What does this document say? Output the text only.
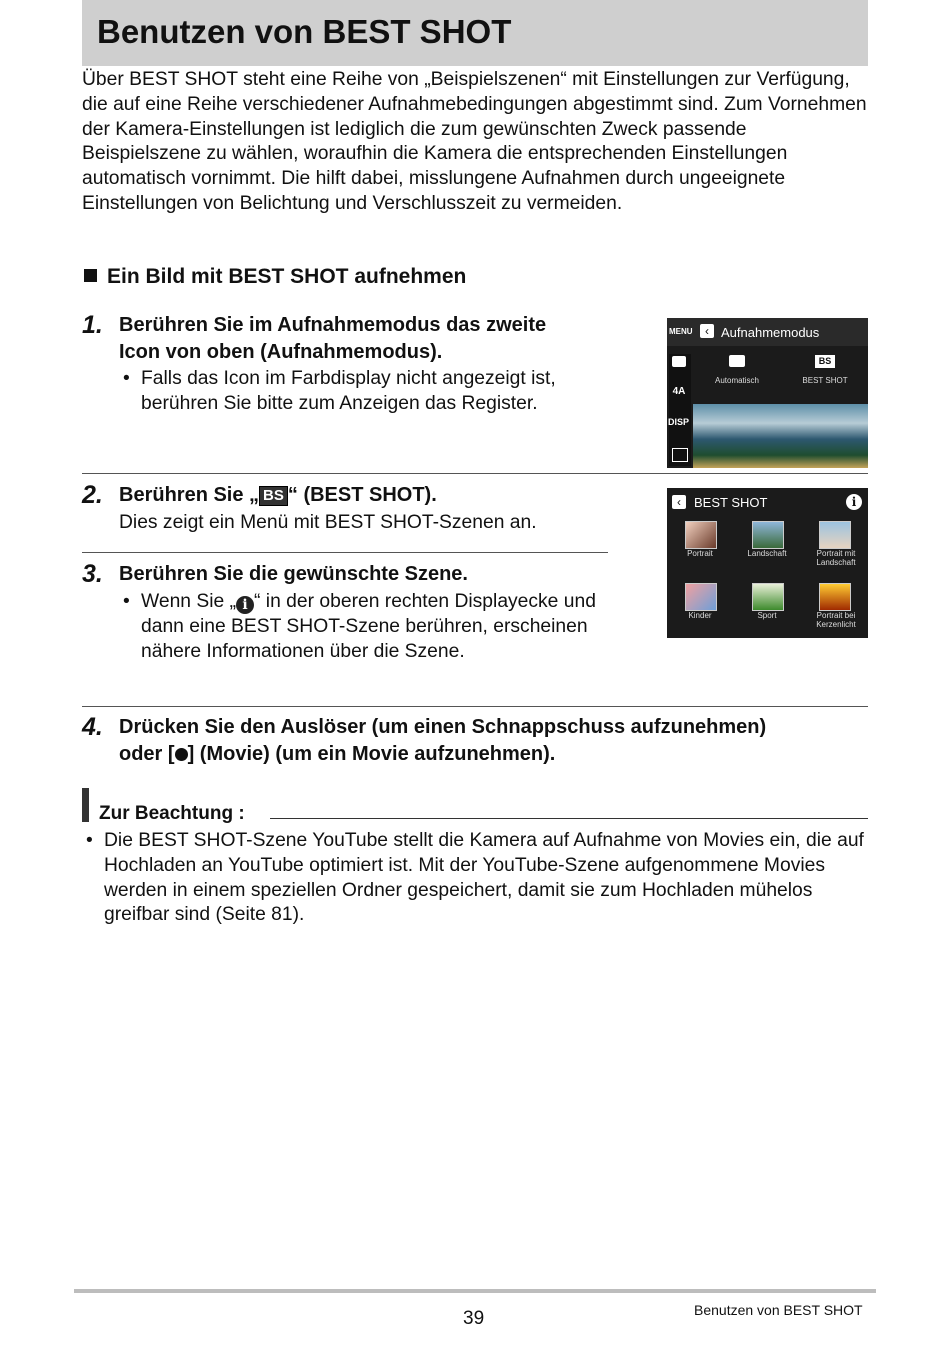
Benutzen von BEST SHOT
Über BEST SHOT steht eine Reihe von „Beispielszenen“ mit Einstellungen zur Verfügung, die auf eine Reihe verschiedener Aufnahmebedingungen abgestimmt sind. Zum Vornehmen der Kamera-Einstellungen ist lediglich die zum gewünschten Zweck passende Beispielszene zu wählen, woraufhin die Kamera die entsprechenden Einstellungen automatisch vornimmt. Die hilft dabei, misslungene Aufnahmen durch ungeeignete Einstellungen von Belichtung und Verschlusszeit zu vermeiden.
Ein Bild mit BEST SHOT aufnehmen
1. Berühren Sie im Aufnahmemodus das zweite
Icon von oben (Aufnahmemodus).
• Falls das Icon im Farbdisplay nicht angezeigt ist, berühren Sie bitte zum Anzeigen das Register.
MENU	‹ Aufnahmemodus
4A
DISP
Automatisch
BS
BEST SHOT
2. Berühren Sie „ BS “ (BEST SHOT).
Dies zeigt ein Menü mit BEST SHOT-Szenen an.
‹	BEST SHOT	i
Portrait	Landschaft	Portrait mit Landschaft
Kinder	Sport	Portrait bei Kerzenlicht
3. Berühren Sie die gewünschte Szene.
• Wenn Sie „ i “ in der oberen rechten Displayecke und dann eine BEST SHOT-Szene berühren, erscheinen nähere Informationen über die Szene.
4. Drücken Sie den Auslöser (um einen Schnappschuss aufzunehmen)
oder [ ] (Movie) (um ein Movie aufzunehmen).
Zur Beachtung :
• Die BEST SHOT-Szene YouTube stellt die Kamera auf Aufnahme von Movies ein, die auf Hochladen an YouTube optimiert ist. Mit der YouTube-Szene aufgenommene Movies werden in einem speziellen Ordner gespeichert, damit sie zum Hochladen mühelos greifbar sind (Seite 81).
39	Benutzen von BEST SHOT
